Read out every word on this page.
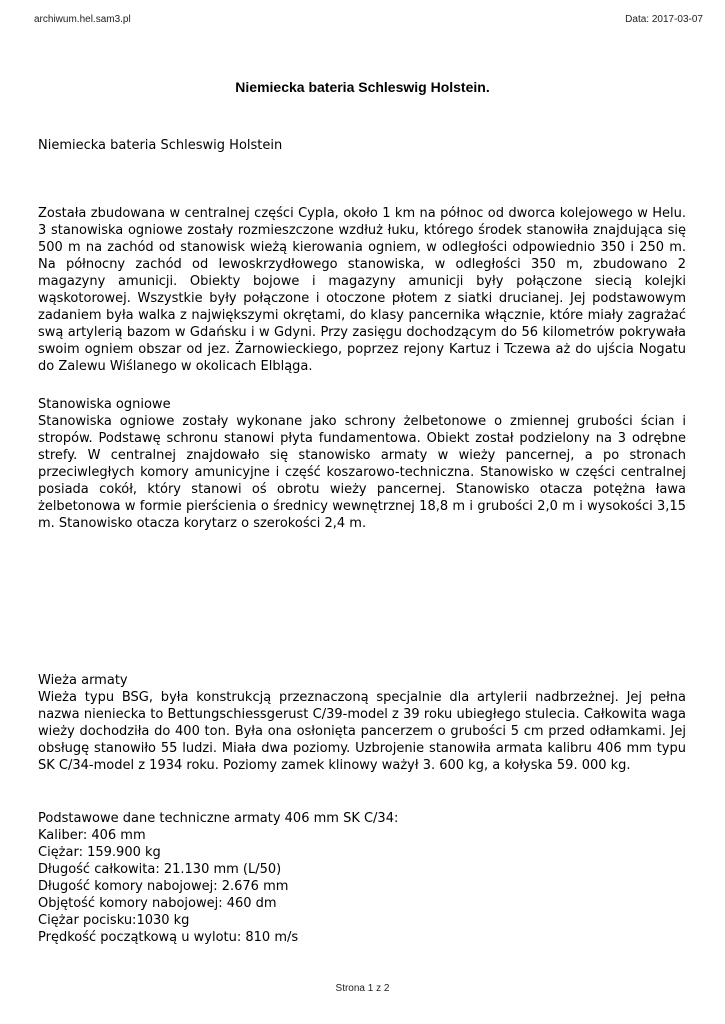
archiwum.hel.sam3.pl	Data: 2017-03-07
Niemiecka bateria Schleswig Holstein.
Niemiecka bateria Schleswig Holstein
Została zbudowana w centralnej części Cypla, około 1 km na północ od dworca kolejowego w Helu. 3 stanowiska ogniowe zostały rozmieszczone wzdłuż łuku, którego środek stanowiła znajdująca się 500 m na zachód od stanowisk wieżą kierowania ogniem, w odległości odpowiednio 350 i 250 m. Na północny zachód od lewoskrzydłowego stanowiska, w odległości 350 m, zbudowano 2 magazyny amunicji. Obiekty bojowe i magazyny amunicji były połączone siecią kolejki wąskotorowej. Wszystkie były połączone i otoczone płotem z siatki drucianej. Jej podstawowym zadaniem była walka z największymi okrętami, do klasy pancernika włącznie, które miały zagrażać swą artylerią bazom w Gdańsku i w Gdyni. Przy zasięgu dochodzącym do 56 kilometrów pokrywała swoim ogniem obszar od jez. Żarnowieckiego, poprzez rejony Kartuz i Tczewa aż do ujścia Nogatu do Zalewu Wiślanego w okolicach Elbląga.
Stanowiska ogniowe
Stanowiska ogniowe zostały wykonane jako schrony żelbetonowe o zmiennej grubości ścian i stropów. Podstawę schronu stanowi płyta fundamentowa. Obiekt został podzielony na 3 odrębne strefy. W centralnej znajdowało się stanowisko armaty w wieży pancernej, a po stronach przeciwległych komory amunicyjne i część koszarowo-techniczna. Stanowisko w części centralnej posiada cokół, który stanowi oś obrotu wieży pancernej. Stanowisko otacza potężna ława żelbetonowa w formie pierścienia o średnicy wewnętrznej 18,8 m i grubości 2,0 m i wysokości 3,15 m. Stanowisko otacza korytarz o szerokości 2,4 m.
Wieża armaty
Wieża typu BSG, była konstrukcją przeznaczoną specjalnie dla artylerii nadbrzeżnej. Jej pełna nazwa nieniecka to Bettungschiessgerust C/39-model z 39 roku ubiegłego stulecia. Całkowita waga wieży dochodziła do 400 ton. Była ona osłonięta pancerzem o grubości 5 cm przed odłamkami. Jej obsługę stanowiło 55 ludzi. Miała dwa poziomy. Uzbrojenie stanowiła armata kalibru 406 mm typu SK C/34-model z 1934 roku. Poziomy zamek klinowy ważył 3. 600 kg, a kołyska 59. 000 kg.
Podstawowe dane techniczne armaty 406 mm SK C/34:
Kaliber: 406 mm
Ciężar: 159.900 kg
Długość całkowita: 21.130 mm (L/50)
Długość komory nabojowej: 2.676 mm
Objętość komory nabojowej: 460 dm
Ciężar pocisku:1030 kg
Prędkość początkową u wylotu: 810 m/s
Strona 1 z 2
